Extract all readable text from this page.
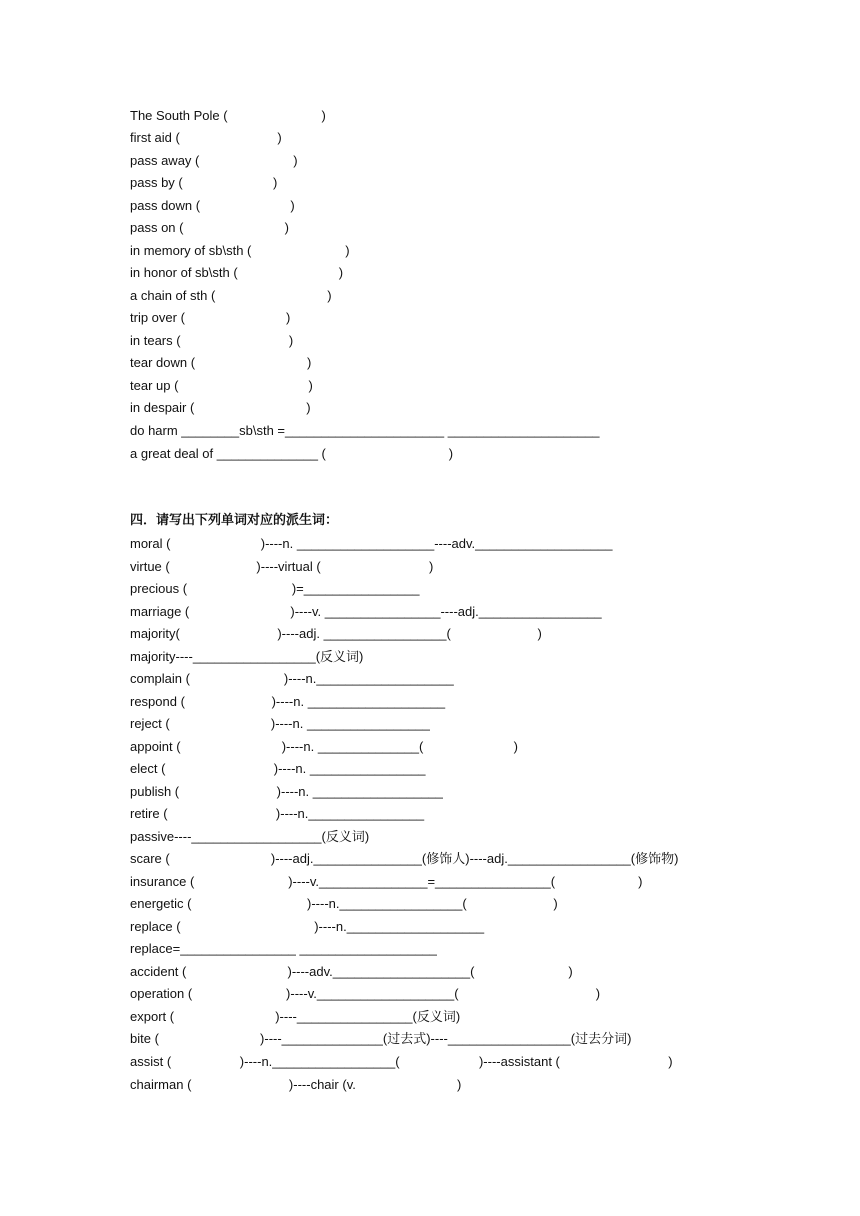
The South Pole (                          )
first aid (                           )
pass away (                          )
pass by (                         )
pass down (                         )
pass on (                            )
in memory of sb\sth (                          )
in honor of sb\sth (                            )
a chain of sth (                               )
trip over (                            )
in tears (                              )
tear down (                               )
tear up (                                    )
in despair (                               )
do harm ________sb\sth =______________________ _____________________
a great deal of ______________ (                                  )
四．请写出下列单词对应的派生词：
moral (                         )----n. ___________________----adv.___________________
virtue (                        )----virtual (                              )
precious (                             )=________________
marriage (                            )----v. ________________----adj._________________
majority(                           )----adj. _________________(                        )
majority----_________________(反义词)
complain (                          )----n.___________________
respond (                        )----n. ___________________
reject (                            )----n. _________________
appoint (                            )----n. ______________(                         )
elect (                              )----n. ________________
publish (                           )----n. __________________
retire (                              )----n.________________
passive----__________________(反义词)
scare (                            )----adj._______________(修饰人)----adj._________________(修饰物)
insurance (                          )----v._______________=________________(                       )
energetic (                                )----n._________________(                        )
replace (                                     )----n.___________________
replace=________________ ___________________
accident (                            )----adv.___________________(                          )
operation (                          )----v.___________________(                                      )
export (                            )----________________(反义词)
bite (                            )----______________(过去式)----_________________(过去分词)
assist (                   )----n._________________(                      )----assistant (                              )
chairman (                           )----chair (v.                            )
